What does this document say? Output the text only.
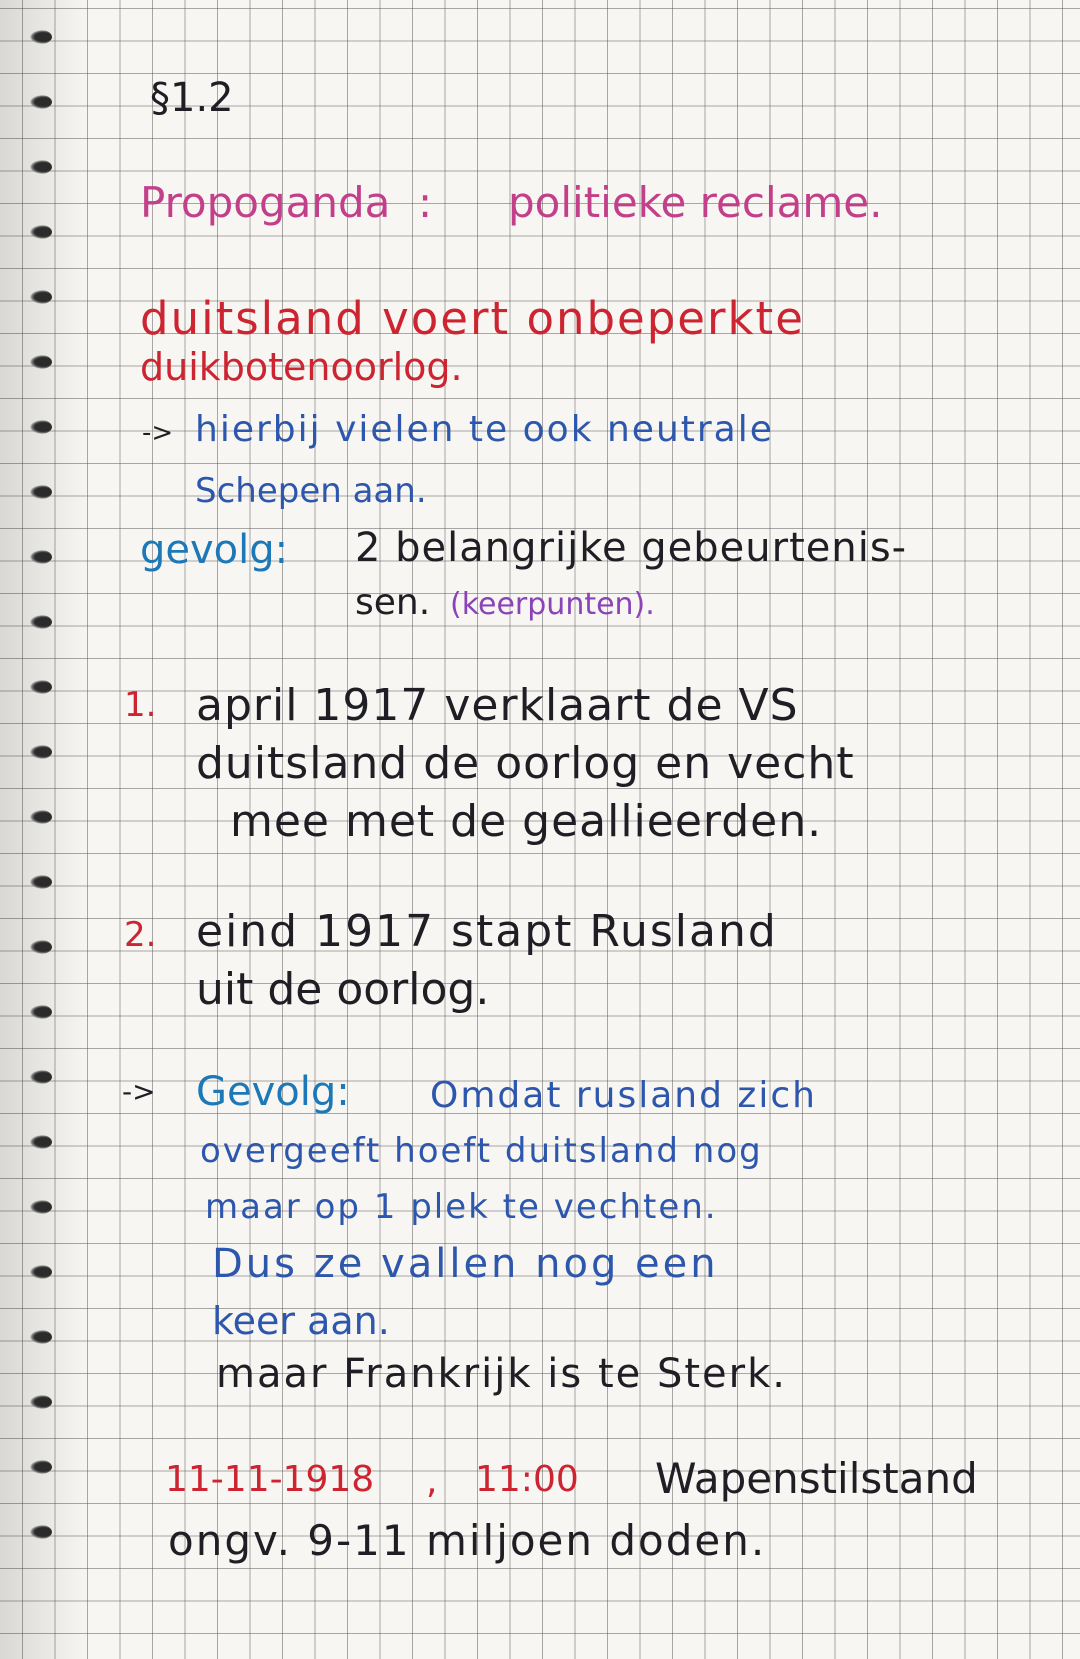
§1.2
Propoganda : politieke reclame.
duitsland voert onbeperkte
duikbotenoorlog.
-> hierbij vielen te ook neutrale
Schepen aan.
gevolg: 2 belangrijke gebeurtenis-
sen. (keerpunten).
1. april 1917 verklaart de VS
duitsland de oorlog en vecht
mee met de geallieerden.
2. eind 1917 stapt Rusland
uit de oorlog.
-> Gevolg: Omdat rusland zich
overgeeft hoeft duitsland nog
maar op 1 plek te vechten.
Dus ze vallen nog een
keer aan.
maar Frankrijk is te Sterk.
11-11-1918 , 11:00 Wapenstilstand
ongv. 9-11 miljoen doden.
